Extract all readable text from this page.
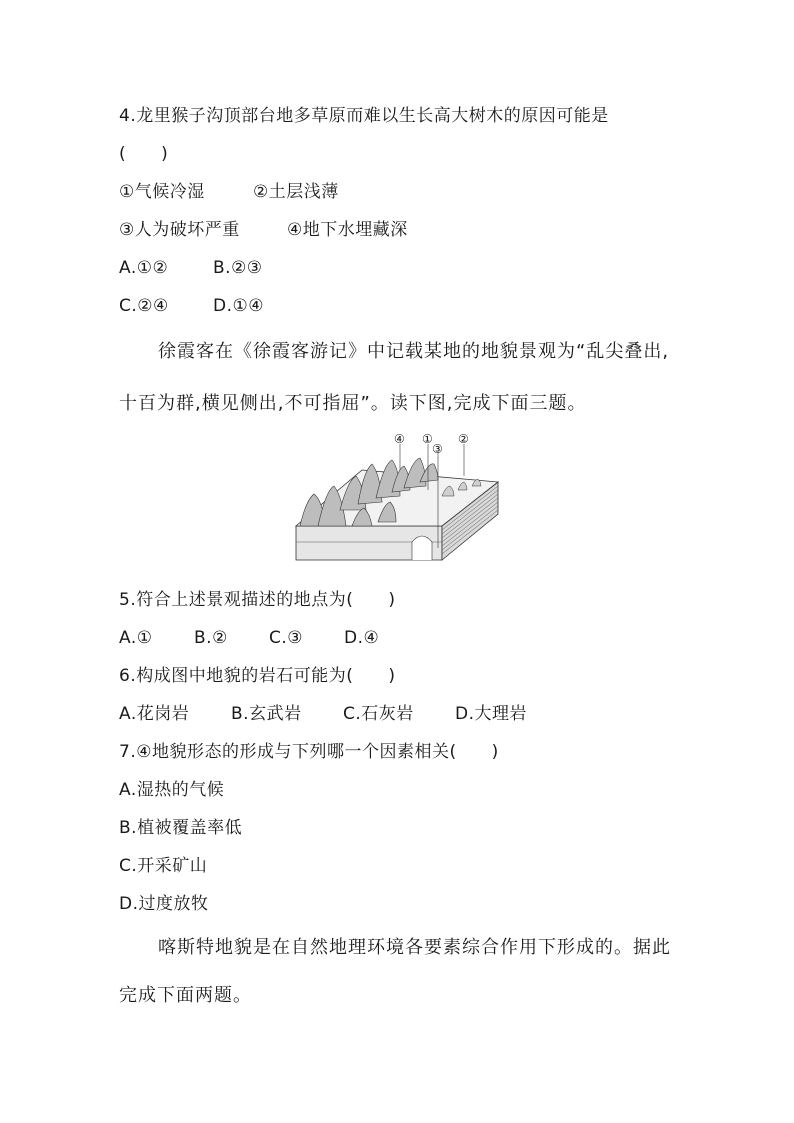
4.龙里猴子沟顶部台地多草原而难以生长高大树木的原因可能是
(　　)
①气候冷湿	②土层浅薄
③人为破坏严重	④地下水埋藏深
A.①②	B.②③
C.②④	D.①④
徐霞客在《徐霞客游记》中记载某地的地貌景观为“乱尖叠出,
十百为群,横见侧出,不可指屈”。读下图,完成下面三题。
④ ①
③
②
5.符合上述景观描述的地点为(　　)
A.①	B.②	C.③	D.④
6.构成图中地貌的岩石可能为(　　)
A.花岗岩	B.玄武岩	C.石灰岩	D.大理岩
7.④地貌形态的形成与下列哪一个因素相关(　　)
A.湿热的气候
B.植被覆盖率低
C.开采矿山
D.过度放牧
喀斯特地貌是在自然地理环境各要素综合作用下形成的。据此
完成下面两题。
